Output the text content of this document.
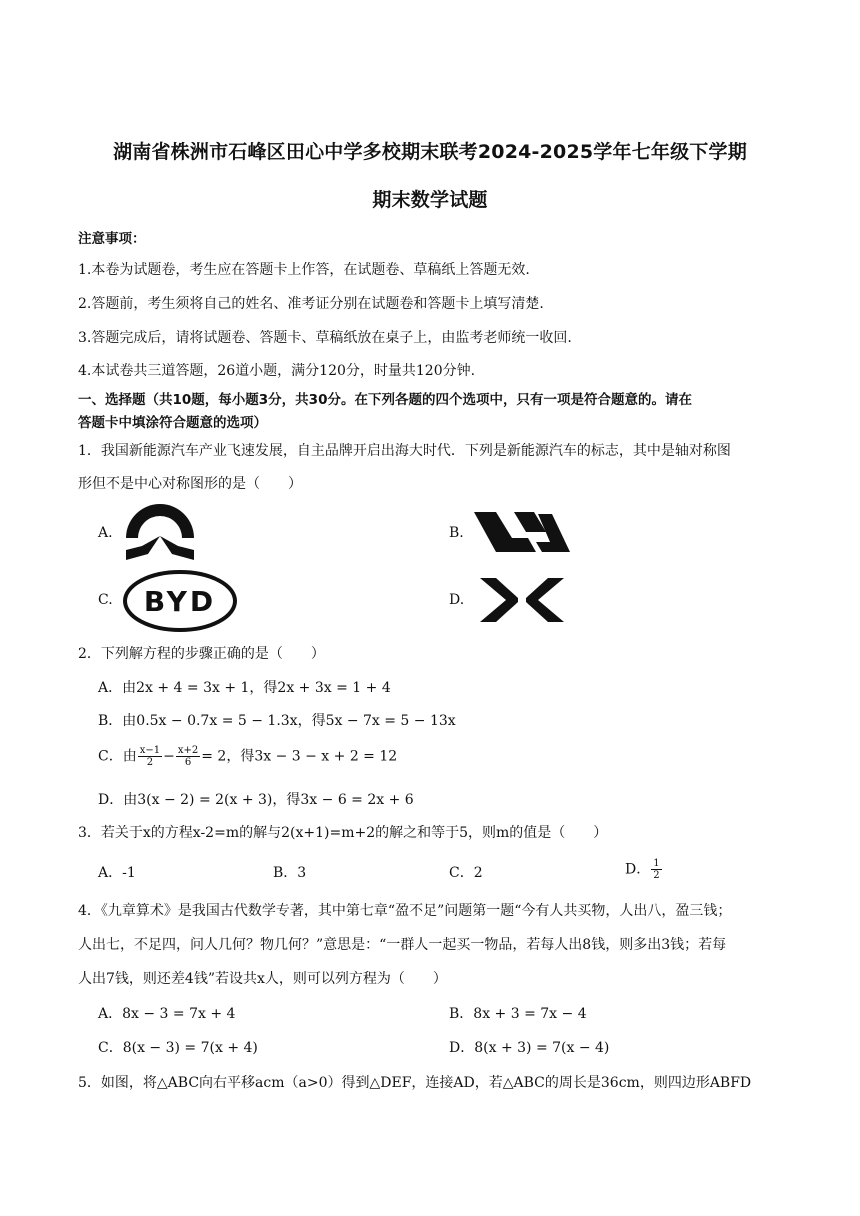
湖南省株洲市石峰区田心中学多校期末联考2024-2025学年七年级下学期
期末数学试题
注意事项：
1.本卷为试题卷，考生应在答题卡上作答，在试题卷、草稿纸上答题无效.
2.答题前，考生须将自己的姓名、准考证分别在试题卷和答题卡上填写清楚.
3.答题完成后，请将试题卷、答题卡、草稿纸放在桌子上，由监考老师统一收回.
4.本试卷共三道答题，26道小题，满分120分，时量共120分钟.
一、选择题（共10题，每小题3分，共30分。在下列各题的四个选项中，只有一项是符合题意的。请在
答题卡中填涂符合题意的选项）
1．我国新能源汽车产业飞速发展，自主品牌开启出海大时代．下列是新能源汽车的标志，其中是轴对称图
形但不是中心对称图形的是（　　）
A.	B.
C. BYD	D.
2．下列解方程的步骤正确的是（　　）
A．由2x + 4 = 3x + 1，得2x + 3x = 1 + 4
B．由0.5x − 0.7x = 5 − 1.3x，得5x − 7x = 5 − 13x
C．由 $\frac{x-1}{2} - \frac{x+2}{6} = 2$，得3x − 3 − x + 2 = 12
D．由3(x − 2) = 2(x + 3)，得3x − 6 = 2x + 6
3．若关于x的方程x-2=m的解与2(x+1)=m+2的解之和等于5，则m的值是（　　）
A．-1	B．3	C．2	D． $\frac{1}{2}$
4．《九章算术》是我国古代数学专著，其中第七章“盈不足”问题第一题“今有人共买物，人出八，盈三钱；
人出七，不足四，问人几何？物几何？”意思是：“一群人一起买一物品，若每人出8钱，则多出3钱；若每
人出7钱，则还差4钱”若设共x人，则可以列方程为（　　）
A．8x − 3 = 7x + 4	B．8x + 3 = 7x − 4
C．8(x − 3) = 7(x + 4)	D．8(x + 3) = 7(x − 4)
5．如图，将△ABC向右平移acm（a>0）得到△DEF，连接AD，若△ABC的周长是36cm，则四边形ABFD
